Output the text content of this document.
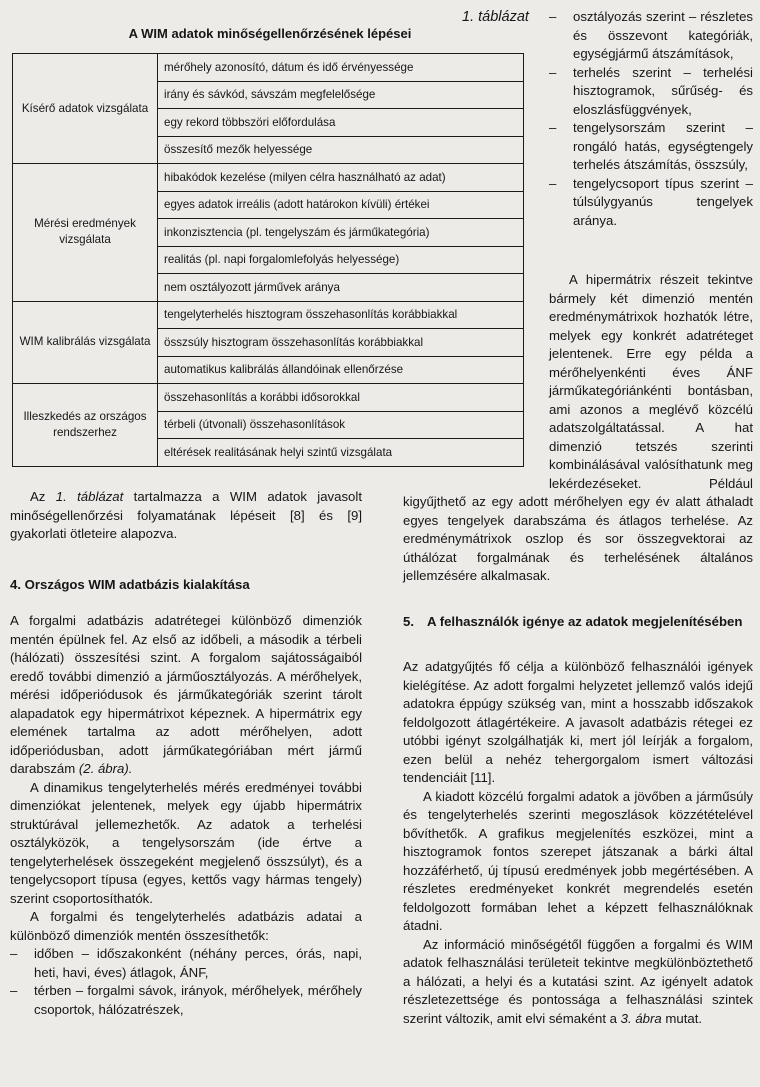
1. táblázat
A WIM adatok minőségellenőrzésének lépései
Kísérő adatok vizsgálata	mérőhely azonosító, dátum és idő érvényessége
	irány és sávkód, sávszám megfelelősége
	egy rekord többszöri előfordulása
	összesítő mezők helyessége
Mérési eredmények vizsgálata	hibakódok kezelése (milyen célra használható az adat)
	egyes adatok irreális (adott határokon kívüli) értékei
	inkonzisztencia (pl. tengelyszám és járműkategória)
	realitás (pl. napi forgalomlefolyás helyessége)
	nem osztályozott járművek aránya
WIM kalibrálás vizsgálata	tengelyterhelés hisztogram összehasonlítás korábbiakkal
	összsúly hisztogram összehasonlítás korábbiakkal
	automatikus kalibrálás állandóinak ellenőrzése
Illeszkedés az országos rendszerhez	összehasonlítás a korábbi idősorokkal
	térbeli (útvonali) összehasonlítások
	eltérések realitásának helyi szintű vizsgálata
– osztályozás szerint – részletes és összevont kategóriák, egységjármű átszámítások,
– terhelés szerint – terhelési hisztogramok, sűrűség- és eloszlásfüggvények,
– tengelysorszám szerint – rongáló hatás, egységtengely terhelés átszámítás, összsúly,
– tengelycsoport típus szerint – túlsúlygyanús tengelyek aránya.

A hipermátrix részeit tekintve bármely két dimenzió mentén eredménymátrixok hozhatók létre, melyek egy konkrét adatréteget jelentenek. Erre egy példa a mérőhelyenkénti éves ÁNF járműkategóriánkénti bontásban, ami azonos a meglévő közcélú adatszolgáltatással. A hat dimenzió tetszés szerinti kombinálásával valósíthatunk meg lekérdezéseket. Például kigyűjthető az egy adott mérőhelyen egy év alatt áthaladt egyes tengelyek darabszáma és átlagos terhelése. Az eredménymátrixok oszlop és sor összegvektorai az úthálózat forgalmának és terhelésének általános jellemzésére alkalmasak.

Az 1. táblázat tartalmazza a WIM adatok javasolt minőségellenőrzési folyamatának lépéseit [8] és [9] gyakorlati ötleteire alapozva.

4. Országos WIM adatbázis kialakítása

A forgalmi adatbázis adatrétegei különböző dimenziók mentén épülnek fel. Az első az időbeli, a második a térbeli (hálózati) összesítési szint. A forgalom sajátosságaiból eredő további dimenzió a járműosztályozás. A mérőhelyek, mérési időperiódusok és járműkategóriák szerint tárolt alapadatok egy hipermátrixot képeznek. A hipermátrix egy elemének tartalma az adott mérőhelyen, adott időperiódusban, adott járműkategóriában mért jármű darabszám (2. ábra).

A dinamikus tengelyterhelés mérés eredményei további dimenziókat jelentenek, melyek egy újabb hipermátrix struktúrával jellemezhetők. Az adatok a terhelési osztályközök, a tengelysorszám (ide értve a tengelyterhelések összegeként megjelenő összsúlyt), és a tengelycsoport típusa (egyes, kettős vagy hármas tengely) szerint csoportosíthatók.

A forgalmi és tengelyterhelés adatbázis adatai a különböző dimenziók mentén összesíthetők:

– időben – időszakonként (néhány perces, órás, napi, heti, havi, éves) átlagok, ÁNF,
– térben – forgalmi sávok, irányok, mérőhelyek, mérőhely csoportok, hálózatrészek,
5. A felhasználók igénye az adatok megjelenítésében

Az adatgyűjtés fő célja a különböző felhasználói igények kielégítése. Az adott forgalmi helyzetet jellemző valós idejű adatokra éppúgy szükség van, mint a hosszabb időszakok feldolgozott átlagértékeire. A javasolt adatbázis rétegei ez utóbbi igényt szolgálhatják ki, mert jól leírják a forgalom, ezen belül a nehéz tehergorgalom ismert változási tendenciáit [11].

A kiadott közcélú forgalmi adatok a jövőben a járműsúly és tengelyterhelés szerinti megoszlások közzétételével bővíthetők. A grafikus megjelenítés eszközei, mint a hisztogramok fontos szerepet játszanak a bárki által hozzáférhető, új típusú eredmények jobb megértésében. A részletes eredményeket konkrét megrendelés esetén feldolgozott formában lehet a képzett felhasználóknak átadni.

Az információ minőségétől függően a forgalmi és WIM adatok felhasználási területeit tekintve megkülönböztethető a hálózati, a helyi és a kutatási szint. Az igényelt adatok részletezettsége és pontossága a felhasználási szintek szerint változik, amit elvi sémaként a 3. ábra mutat.
